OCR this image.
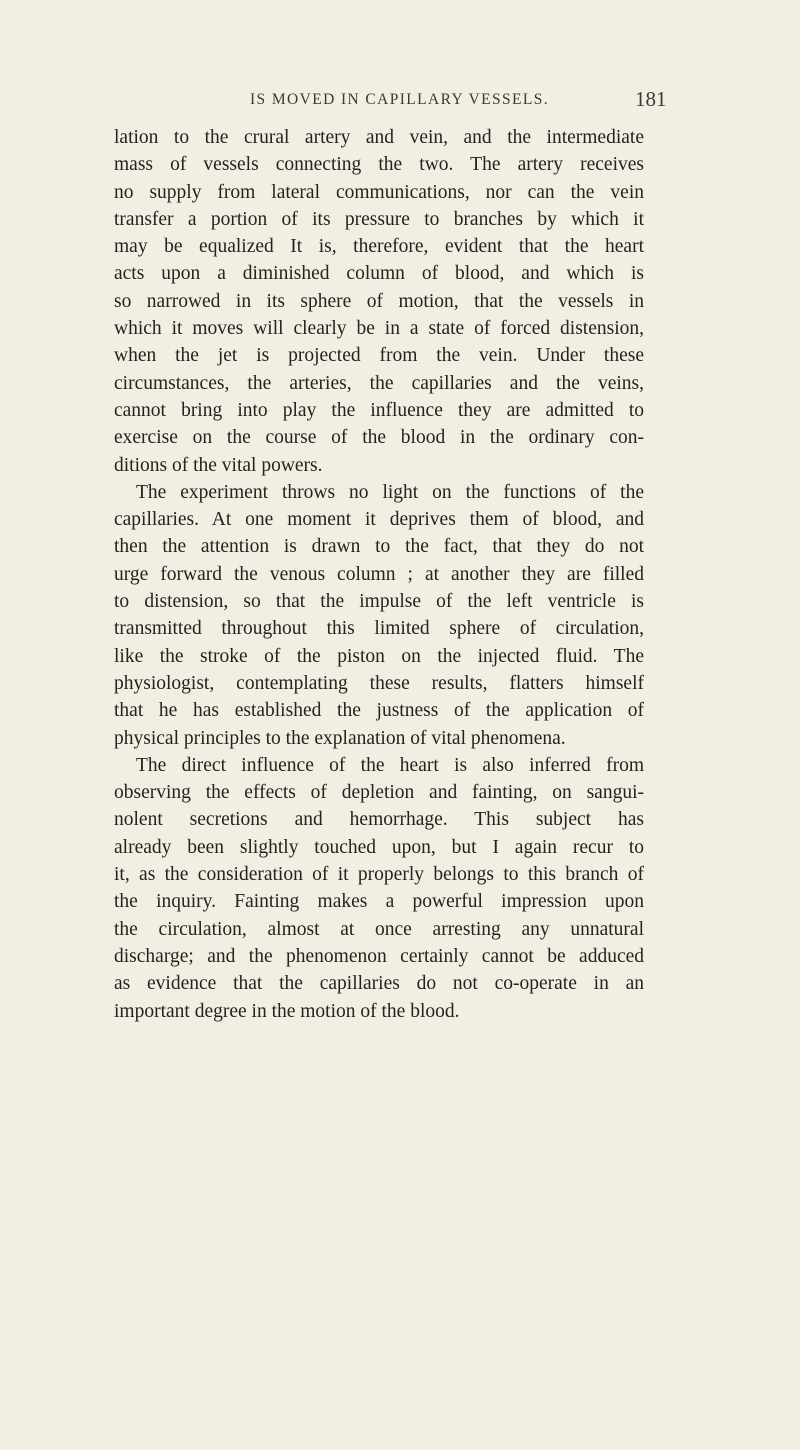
IS MOVED IN CAPILLARY VESSELS.	181
lation to the crural artery and vein, and the intermediate
mass of vessels connecting the two. The artery receives
no supply from lateral communications, nor can the vein
transfer a portion of its pressure to branches by which it
may be equalized It is, therefore, evident that the heart
acts upon a diminished column of blood, and which is
so narrowed in its sphere of motion, that the vessels in
which it moves will clearly be in a state of forced distension,
when the jet is projected from the vein. Under these
circumstances, the arteries, the capillaries and the veins,
cannot bring into play the influence they are admitted to
exercise on the course of the blood in the ordinary con-
ditions of the vital powers.
The experiment throws no light on the functions of the
capillaries. At one moment it deprives them of blood, and
then the attention is drawn to the fact, that they do not
urge forward the venous column ; at another they are filled
to distension, so that the impulse of the left ventricle is
transmitted throughout this limited sphere of circulation,
like the stroke of the piston on the injected fluid. The
physiologist, contemplating these results, flatters himself
that he has established the justness of the application of
physical principles to the explanation of vital phenomena.
The direct influence of the heart is also inferred from
observing the effects of depletion and fainting, on sangui-
nolent secretions and hemorrhage. This subject has
already been slightly touched upon, but I again recur to
it, as the consideration of it properly belongs to this branch of
the inquiry. Fainting makes a powerful impression upon
the circulation, almost at once arresting any unnatural
discharge; and the phenomenon certainly cannot be adduced
as evidence that the capillaries do not co-operate in an
important degree in the motion of the blood.
